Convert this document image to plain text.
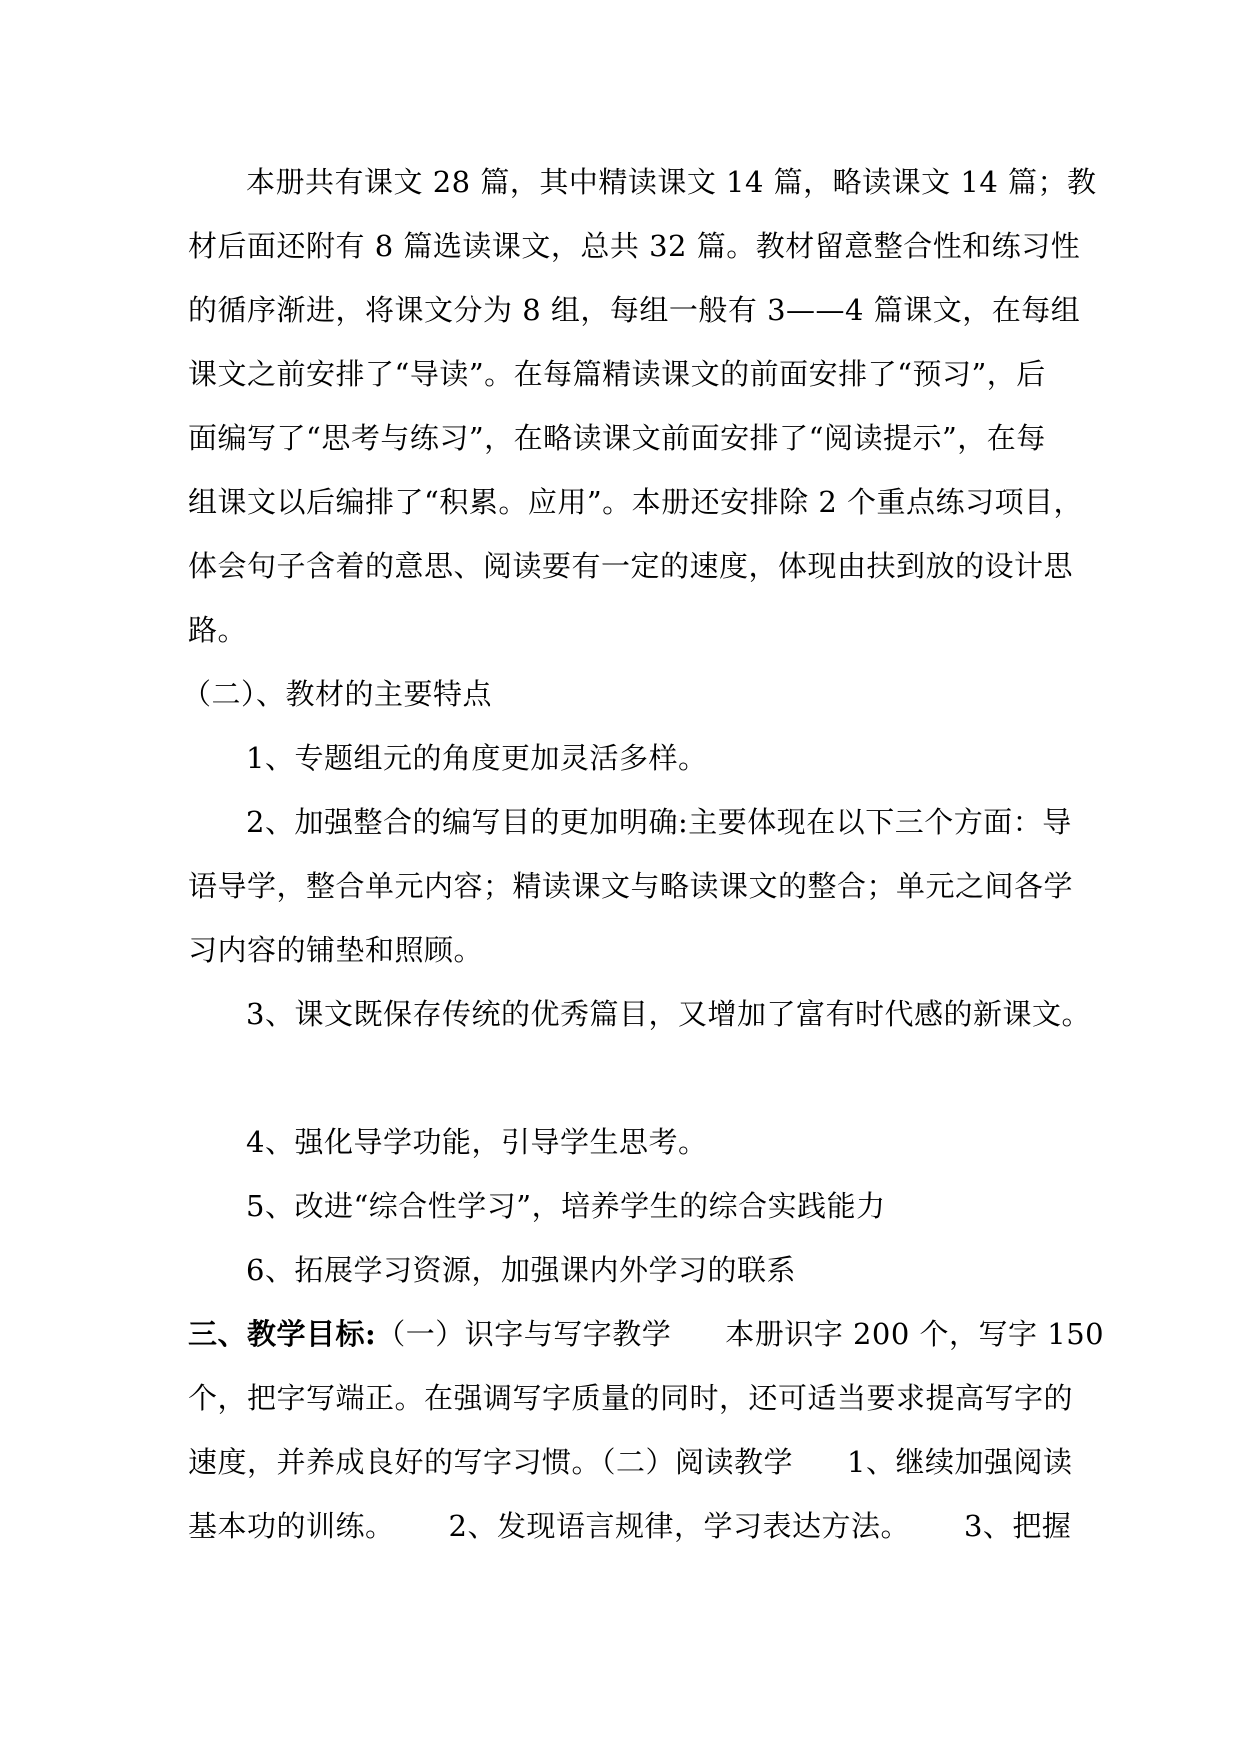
本册共有课文 28 篇，其中精读课文 14 篇，略读课文 14 篇；教
材后面还附有 8 篇选读课文，总共 32 篇。教材留意整合性和练习性
的循序渐进，将课文分为 8 组，每组一般有 3——4 篇课文，在每组
课文之前安排了“导读”。在每篇精读课文的前面安排了“预习”，后
面编写了“思考与练习”，在略读课文前面安排了“阅读提示”，在每
组课文以后编排了“积累。应用”。本册还安排除 2 个重点练习项目，
体会句子含着的意思、阅读要有一定的速度，体现由扶到放的设计思
路。
（二）、教材的主要特点
1、专题组元的角度更加灵活多样。
2、加强整合的编写目的更加明确:主要体现在以下三个方面：导
语导学，整合单元内容；精读课文与略读课文的整合；单元之间各学
习内容的铺垫和照顾。
3、课文既保存传统的优秀篇目，又增加了富有时代感的新课文。
4、强化导学功能，引导学生思考。
5、改进“综合性学习”，培养学生的综合实践能力
6、拓展学习资源，加强课内外学习的联系
三、教学目标:（一）识字与写字教学 本册识字 200 个，写字 150
个，把字写端正。在强调写字质量的同时，还可适当要求提高写字的
速度，并养成良好的写字习惯。（二）阅读教学 1、继续加强阅读
基本功的训练。 2、发现语言规律，学习表达方法。 3、把握
